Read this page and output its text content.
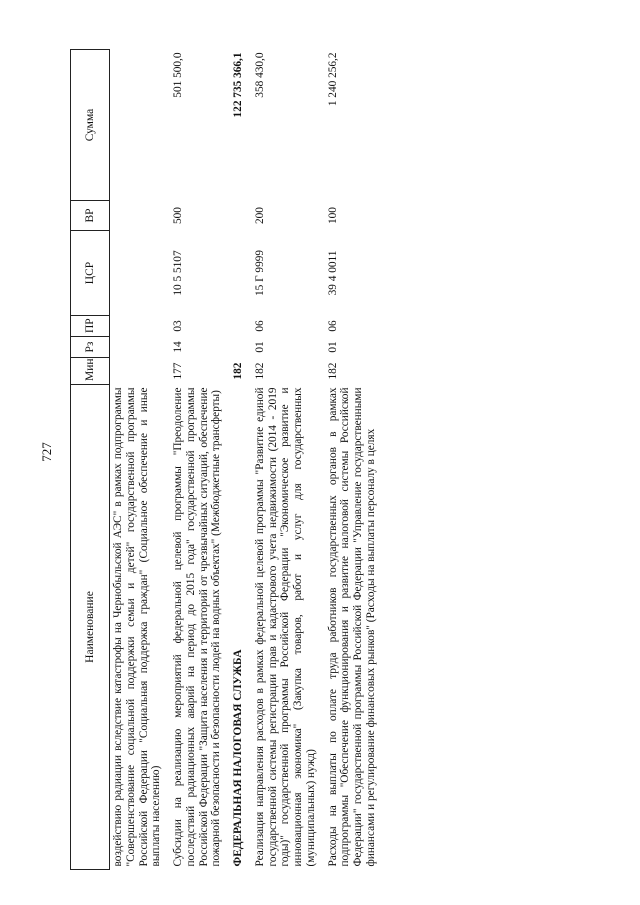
727
Наименование	Мин	Рз	ПР	ЦСР	ВР	Сумма

воздействию радиации вследствие катастрофы на Чернобыльской АЭС" в рамках подпрограммы "Совершенствование социальной поддержки семьи и детей" государственной программы Российской Федерации "Социальная поддержка граждан" (Социальное обеспечение и иные выплаты населению)						

Субсидии на реализацию мероприятий федеральной целевой программы "Преодоление последствий радиационных аварий на период до 2015 года" государственной программы Российской Федерации "Защита населения и территорий от чрезвычайных ситуаций, обеспечение пожарной безопасности и безопасности людей на водных объектах" (Межбюджетные трансферты)	177	14	03	10 5 5107	500	501 500,0
ФЕДЕРАЛЬНАЯ НАЛОГОВАЯ СЛУЖБА	182					122 735 366,1
Реализация направления расходов в рамках федеральной целевой программы "Развитие единой государственной системы регистрации прав и кадастрового учета недвижимости (2014 - 2019 годы)" государственной программы Российской Федерации "Экономическое развитие и инновационная экономика" (Закупка товаров, работ и услуг для государственных (муниципальных) нужд)	182	01	06	15 Г 9999	200	358 430,0
Расходы на выплаты по оплате труда работников государственных органов в рамках подпрограммы "Обеспечение функционирования и развитие налоговой системы Российской Федерации" государственной программы Российской Федерации "Управление государственными финансами и регулирование финансовых рынков" (Расходы на выплаты персоналу в целях	182	01	06	39 4 0011	100	1 240 256,2
